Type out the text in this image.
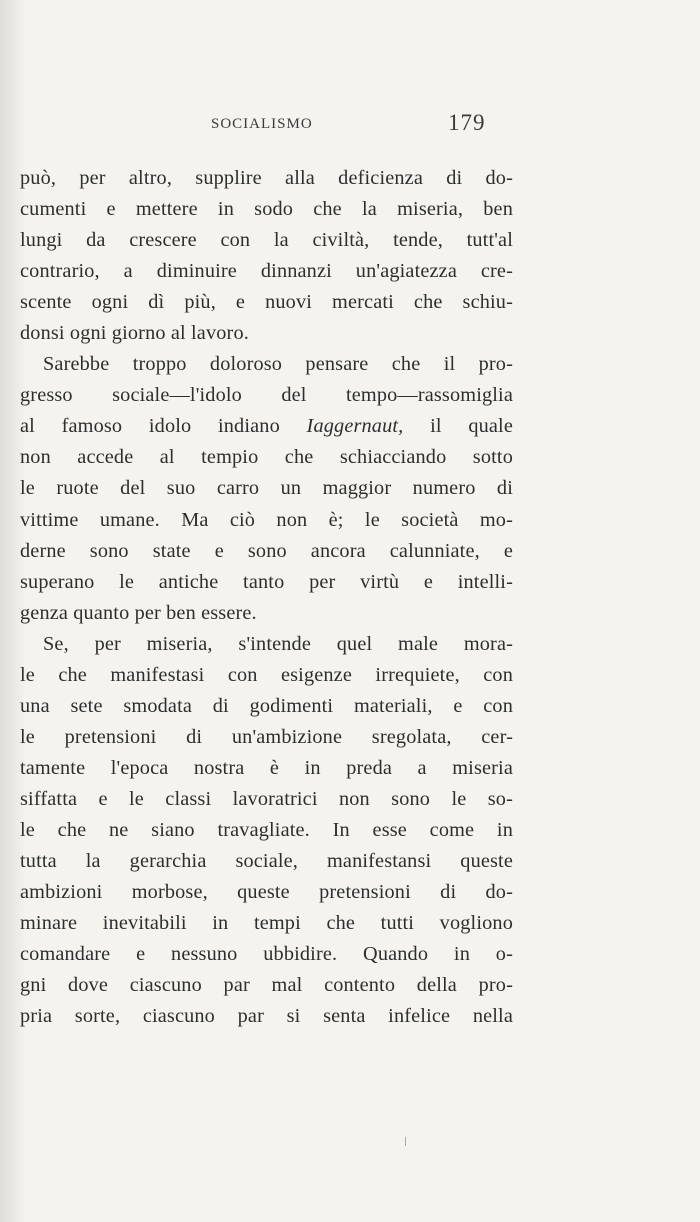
SOCIALISMO	179
può, per altro, supplire alla deficienza di do-
cumenti e mettere in sodo che la miseria, ben
lungi da crescere con la civiltà, tende, tutt'al
contrario, a diminuire dinnanzi un'agiatezza cre-
scente ogni dì più, e nuovi mercati che schiu-
donsi ogni giorno al lavoro.
Sarebbe troppo doloroso pensare che il pro-
gresso sociale—l'idolo del tempo—rassomiglia
al famoso idolo indiano Iaggernaut, il quale
non accede al tempio che schiacciando sotto
le ruote del suo carro un maggior numero di
vittime umane. Ma ciò non è; le società mo-
derne sono state e sono ancora calunniate, e
superano le antiche tanto per virtù e intelli-
genza quanto per ben essere.
Se, per miseria, s'intende quel male mora-
le che manifestasi con esigenze irrequiete, con
una sete smodata di godimenti materiali, e con
le pretensioni di un'ambizione sregolata, cer-
tamente l'epoca nostra è in preda a miseria
siffatta e le classi lavoratrici non sono le so-
le che ne siano travagliate. In esse come in
tutta la gerarchia sociale, manifestansi queste
ambizioni morbose, queste pretensioni di do-
minare inevitabili in tempi che tutti vogliono
comandare e nessuno ubbidire. Quando in o-
gni dove ciascuno par mal contento della pro-
pria sorte, ciascuno par si senta infelice nella
